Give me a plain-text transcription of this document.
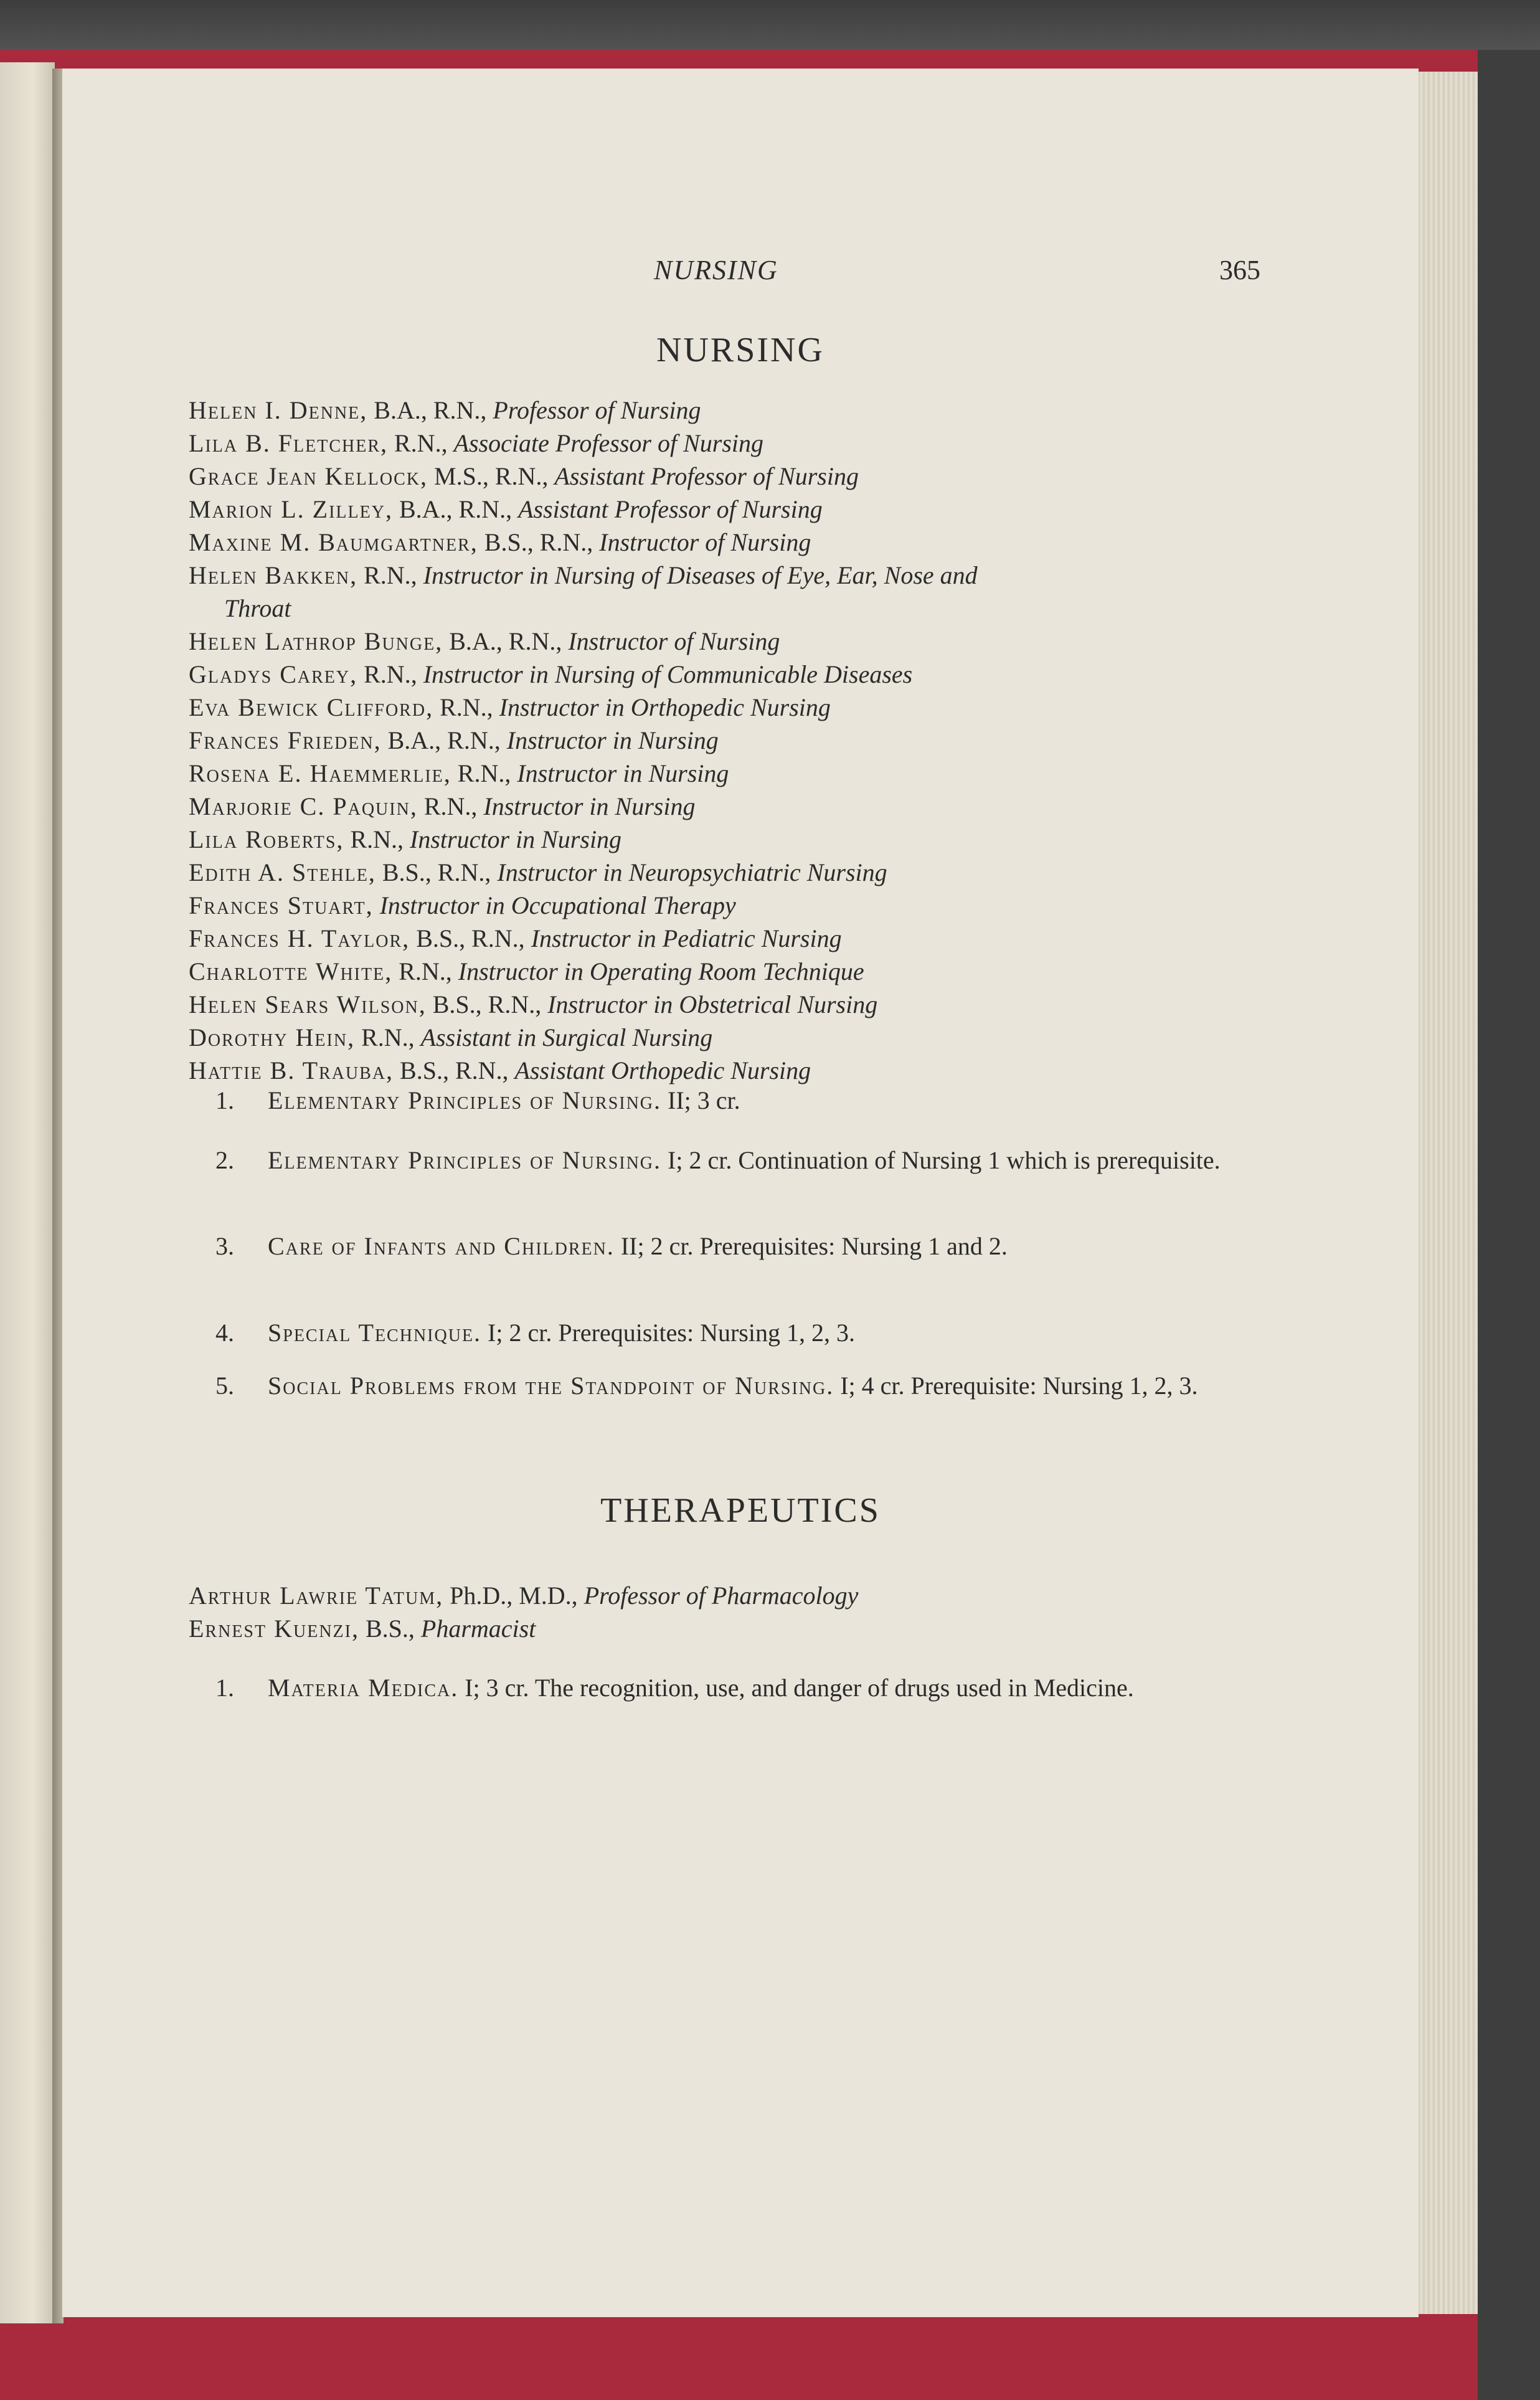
NURSING	365
NURSING
Helen I. Denne, B.A., R.N., Professor of Nursing
Lila B. Fletcher, R.N., Associate Professor of Nursing
Grace Jean Kellock, M.S., R.N., Assistant Professor of Nursing
Marion L. Zilley, B.A., R.N., Assistant Professor of Nursing
Maxine M. Baumgartner, B.S., R.N., Instructor of Nursing
Helen Bakken, R.N., Instructor in Nursing of Diseases of Eye, Ear, Nose and
Throat
Helen Lathrop Bunge, B.A., R.N., Instructor of Nursing
Gladys Carey, R.N., Instructor in Nursing of Communicable Diseases
Eva Bewick Clifford, R.N., Instructor in Orthopedic Nursing
Frances Frieden, B.A., R.N., Instructor in Nursing
Rosena E. Haemmerlie, R.N., Instructor in Nursing
Marjorie C. Paquin, R.N., Instructor in Nursing
Lila Roberts, R.N., Instructor in Nursing
Edith A. Stehle, B.S., R.N., Instructor in Neuropsychiatric Nursing
Frances Stuart, Instructor in Occupational Therapy
Frances H. Taylor, B.S., R.N., Instructor in Pediatric Nursing
Charlotte White, R.N., Instructor in Operating Room Technique
Helen Sears Wilson, B.S., R.N., Instructor in Obstetrical Nursing
Dorothy Hein, R.N., Assistant in Surgical Nursing
Hattie B. Trauba, B.S., R.N., Assistant Orthopedic Nursing
1. Elementary Principles of Nursing. II; 3 cr.
2. Elementary Principles of Nursing. I; 2 cr. Continuation of Nursing 1 which is prerequisite.
3. Care of Infants and Children. II; 2 cr. Prerequisites: Nursing 1 and 2.
4. Special Technique. I; 2 cr. Prerequisites: Nursing 1, 2, 3.
5. Social Problems from the Standpoint of Nursing. I; 4 cr. Prerequisite: Nursing 1, 2, 3.
THERAPEUTICS
Arthur Lawrie Tatum, Ph.D., M.D., Professor of Pharmacology
Ernest Kuenzi, B.S., Pharmacist
1. Materia Medica. I; 3 cr. The recognition, use, and danger of drugs used in Medicine.
